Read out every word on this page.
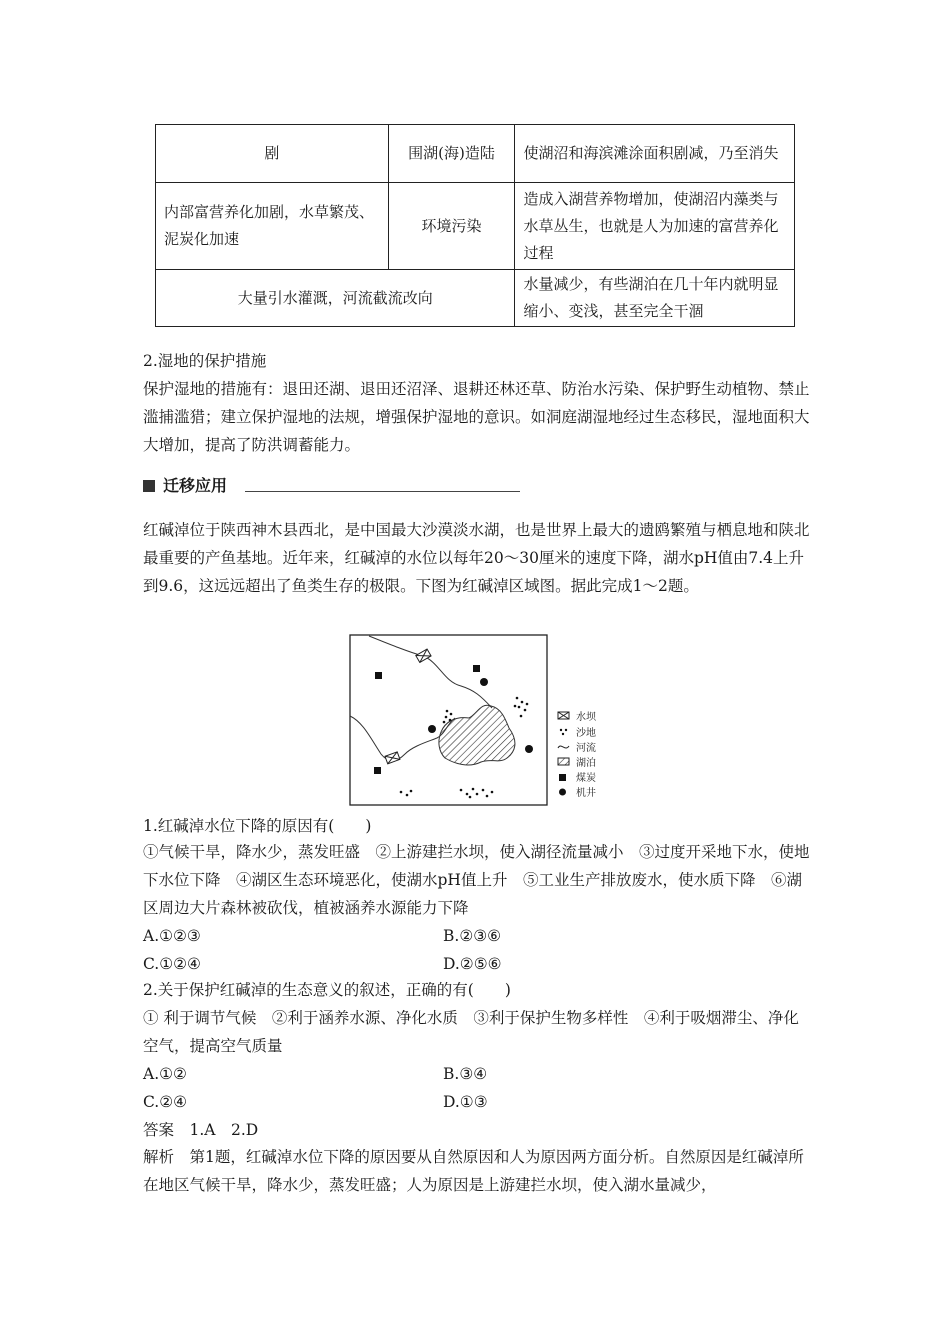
剧	围湖(海)造陆	使湖沼和海滨滩涂面积剧减，乃至消失
内部富营养化加剧，水草繁茂、泥炭化加速	环境污染	造成入湖营养物增加，使湖沼内藻类与水草丛生，也就是人为加速的富营养化过程
大量引水灌溉，河流截流改向		水量减少，有些湖泊在几十年内就明显缩小、变浅，甚至完全干涸
2.湿地的保护措施
保护湿地的措施有：退田还湖、退田还沼泽、退耕还林还草、防治水污染、保护野生动植物、禁止滥捕滥猎；建立保护湿地的法规，增强保护湿地的意识。如洞庭湖湿地经过生态移民，湿地面积大大增加，提高了防洪调蓄能力。
迁移应用
红碱淖位于陕西神木县西北，是中国最大沙漠淡水湖，也是世界上最大的遗鸥繁殖与栖息地和陕北最重要的产鱼基地。近年来，红碱淖的水位以每年20～30厘米的速度下降，湖水pH值由7.4上升到9.6，这远远超出了鱼类生存的极限。下图为红碱淖区域图。据此完成1～2题。
水坝
沙地
河流
湖泊
煤炭
机井
1.红碱淖水位下降的原因有(　　)
①气候干旱，降水少，蒸发旺盛　②上游建拦水坝，使入湖径流量减小　③过度开采地下水，使地下水位下降　④湖区生态环境恶化，使湖水pH值上升　⑤工业生产排放废水，使水质下降　⑥湖区周边大片森林被砍伐，植被涵养水源能力下降
A.①②③	B.②③⑥
C.①②④	D.②⑤⑥
2.关于保护红碱淖的生态意义的叙述，正确的有(　　)
① 利于调节气候　②利于涵养水源、净化水质　③利于保护生物多样性　④利于吸烟滞尘、净化空气，提高空气质量
A.①②	B.③④
C.②④	D.①③
答案　1.A　2.D
解析　第1题，红碱淖水位下降的原因要从自然原因和人为原因两方面分析。自然原因是红碱淖所在地区气候干旱，降水少，蒸发旺盛；人为原因是上游建拦水坝，使入湖水量减少，
